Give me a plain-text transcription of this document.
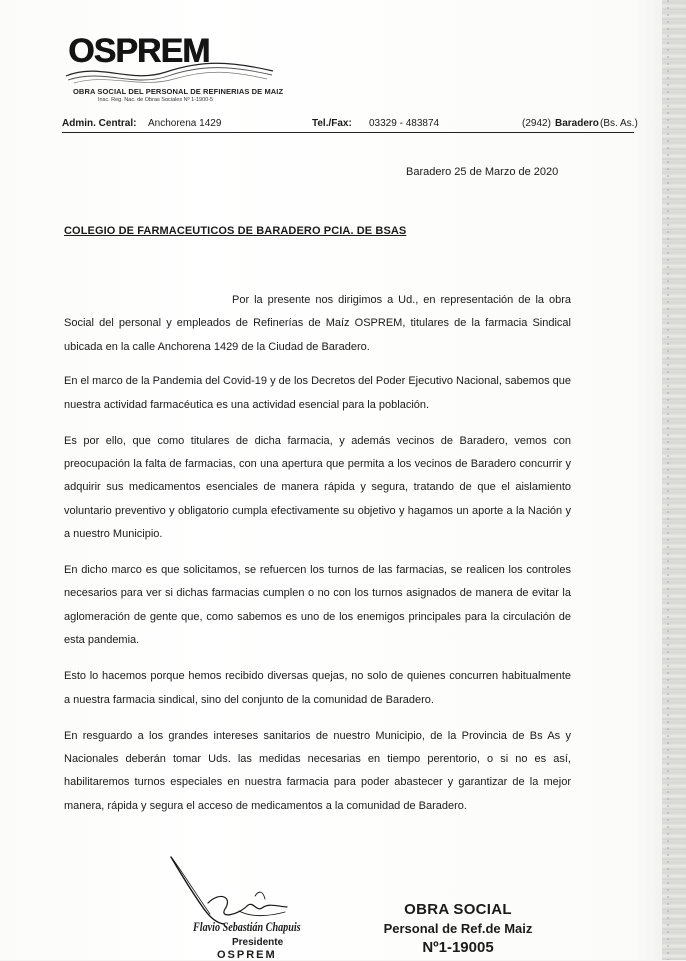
OSPREM
OBRA SOCIAL DEL PERSONAL DE REFINERIAS DE MAIZ
Insc. Reg. Nac. de Obras Sociales Nº 1-1900-5
Admin. Central: Anchorena 1429	Tel./Fax: 03329 - 483874	(2942) Baradero (Bs. As.)
Baradero 25 de Marzo de 2020
COLEGIO DE FARMACEUTICOS DE BARADERO PCIA. DE BSAS

Por la presente nos dirigimos a Ud., en representación de la obra Social del personal y empleados de Refinerías de Maíz OSPREM, titulares de la farmacia Sindical ubicada en la calle Anchorena 1429 de la Ciudad de Baradero.

En el marco de la Pandemia del Covid-19 y de los Decretos del Poder Ejecutivo Nacional, sabemos que nuestra actividad farmacéutica es una actividad esencial para la población.

Es por ello, que como titulares de dicha farmacia, y además vecinos de Baradero, vemos con preocupación la falta de farmacias, con una apertura que permita a los vecinos de Baradero concurrir y adquirir sus medicamentos esenciales de manera rápida y segura, tratando de que el aislamiento voluntario preventivo y obligatorio cumpla efectivamente su objetivo y hagamos un aporte a la Nación y a nuestro Municipio.

En dicho marco es que solicitamos, se refuercen los turnos de las farmacias, se realicen los controles necesarios para ver si dichas farmacias cumplen o no con los turnos asignados de manera de evitar la aglomeración de gente que, como sabemos es uno de los enemigos principales para la circulación de esta pandemia.

Esto lo hacemos porque hemos recibido diversas quejas, no solo de quienes concurren habitualmente a nuestra farmacia sindical, sino del conjunto de la comunidad de Baradero.

En resguardo a los grandes intereses sanitarios de nuestro Municipio, de la Provincia de Bs As y Nacionales deberán tomar Uds. las medidas necesarias en tiempo perentorio, o si no es así, habilitaremos turnos especiales en nuestra farmacia para poder abastecer y garantizar de la mejor manera, rápida y segura el acceso de medicamentos a la comunidad de Baradero.

Flavio Sebastián Chapuis
Presidente
OSPREM
OBRA SOCIAL
Personal de Ref.de Maiz
Nº1-19005
